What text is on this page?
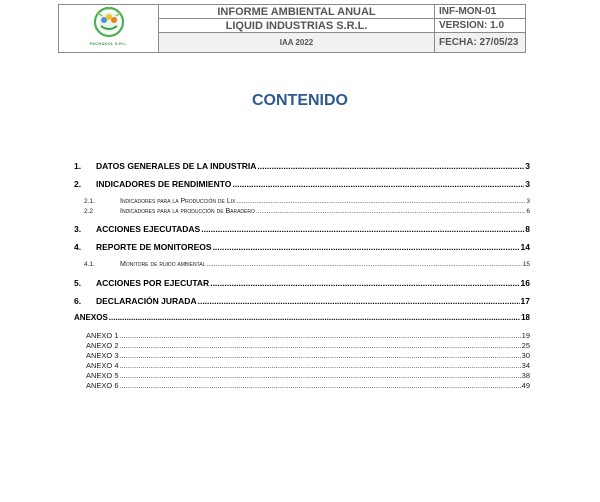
PACHAKOL S.R.L.	INFORME AMBIENTAL ANUAL	INF-MON-01
	LIQUID INDUSTRIAS S.R.L.	VERSION: 1.0
	IAA 2022	FECHA: 27/05/23
CONTENIDO
1.	DATOS GENERALES DE LA INDUSTRIA .....	3
2.	INDICADORES DE RENDIMIENTO .....	3
2.1.	Indicadores para la Producción de Lix .....	3
2.2	Indicadores para la producción de Baradero .....	6
3.	ACCIONES EJECUTADAS .....	8
4.	REPORTE DE MONITOREOS .....	14
4.1.	Monitore de ruido ambiental .....	15
5.	ACCIONES POR EJECUTAR .....	16
6.	DECLARACIÓN JURADA .....	17
ANEXOS .....	18
ANEXO 1 .....	19
ANEXO 2 .....	25
ANEXO 3 .....	30
ANEXO 4 .....	34
ANEXO 5 .....	38
ANEXO 6 .....	49
